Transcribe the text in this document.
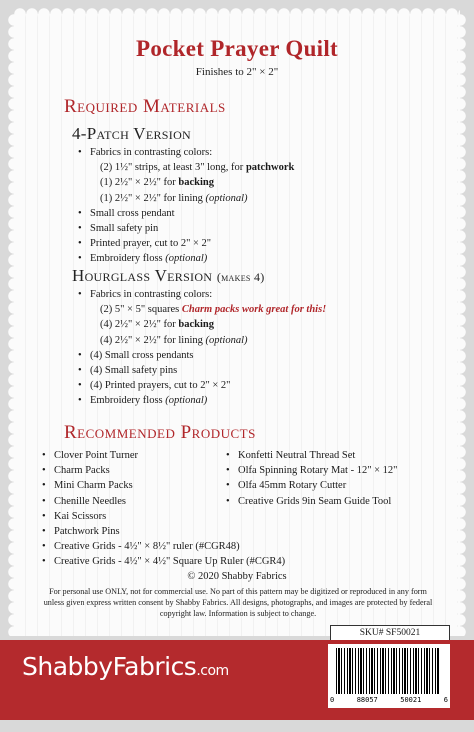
Pocket Prayer Quilt
Finishes to 2" × 2"
Required Materials
4-Patch Version
• Fabrics in contrasting colors:
(2) 1½" strips, at least 3" long, for patchwork
(1) 2½" × 2½" for backing
(1) 2½" × 2½" for lining (optional)
• Small cross pendant
• Small safety pin
• Printed prayer, cut to 2" × 2"
• Embroidery floss (optional)
Hourglass Version (makes 4)
• Fabrics in contrasting colors:
(2) 5" × 5" squares Charm packs work great for this!
(4) 2½" × 2½" for backing
(4) 2½" × 2½" for lining (optional)
• (4) Small cross pendants
• (4) Small safety pins
• (4) Printed prayers, cut to 2" × 2"
• Embroidery floss (optional)
Recommended Products
• Clover Point Turner
• Charm Packs
• Mini Charm Packs
• Chenille Needles
• Kai Scissors
• Patchwork Pins
• Creative Grids - 4½" × 8½" ruler (#CGR48)
• Creative Grids - 4½" × 4½" Square Up Ruler (#CGR4)
• Konfetti Neutral Thread Set
• Olfa Spinning Rotary Mat - 12" × 12"
• Olfa 45mm Rotary Cutter
• Creative Grids 9in Seam Guide Tool
© 2020 Shabby Fabrics
For personal use ONLY, not for commercial use. No part of this pattern may be digitized or reproduced in any form unless given express written consent by Shabby Fabrics. All designs, photographs, and images are protected by federal copyright law. Information is subject to change.
SKU# SF50021
ShabbyFabrics.com
0	88057	50021	6
